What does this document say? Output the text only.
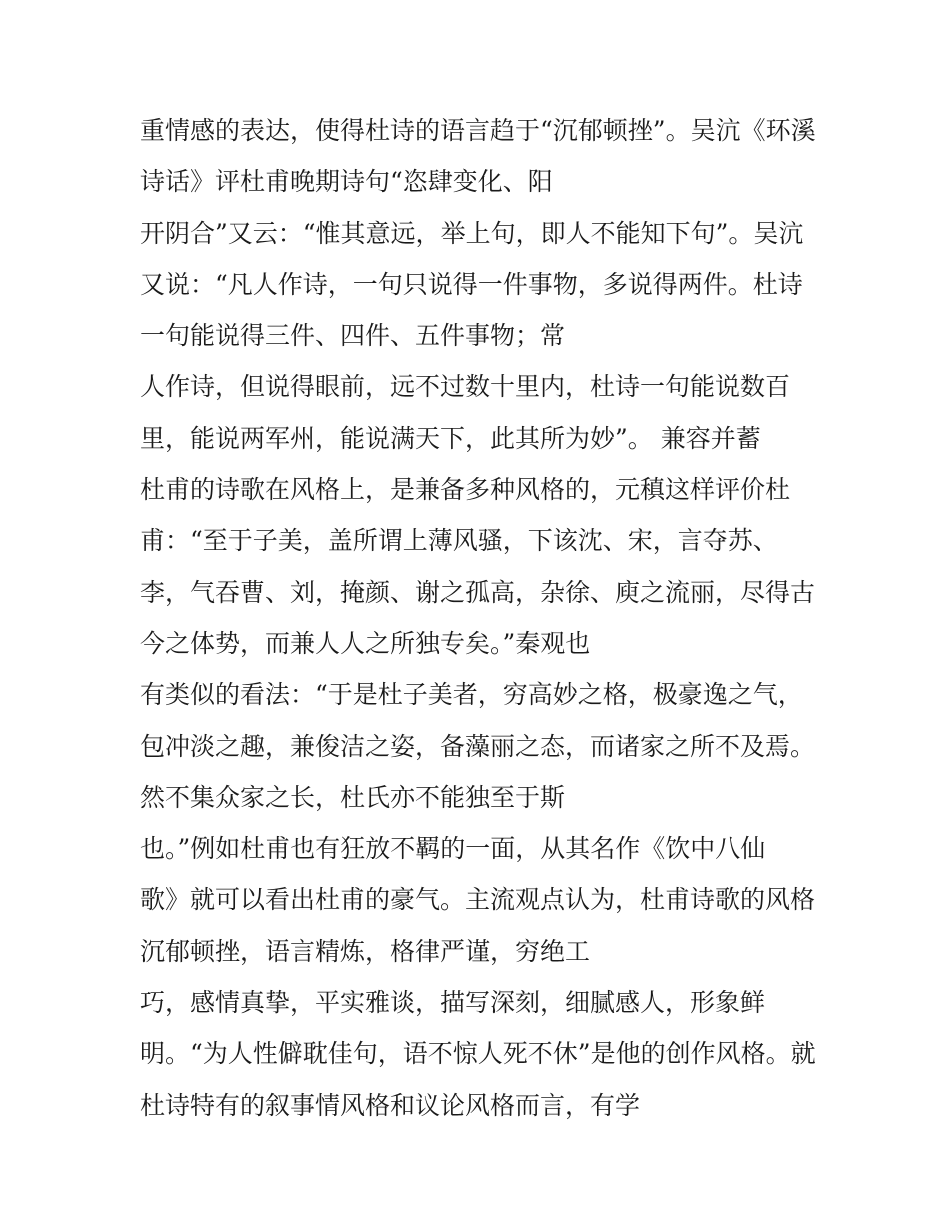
重情感的表达，使得杜诗的语言趋于“沉郁顿挫”。吴沆《环溪
诗话》评杜甫晚期诗句“恣肆变化、阳
开阴合”又云：“惟其意远，举上句，即人不能知下句”。吴沆
又说：“凡人作诗，一句只说得一件事物，多说得两件。杜诗
一句能说得三件、四件、五件事物；常
人作诗，但说得眼前，远不过数十里内，杜诗一句能说数百
里，能说两军州，能说满天下，此其所为妙”。 兼容并蓄
杜甫的诗歌在风格上，是兼备多种风格的，元稹这样评价杜
甫：“至于子美，盖所谓上薄风骚，下该沈、宋，言夺苏、
李，气吞曹、刘，掩颜、谢之孤高，杂徐、庾之流丽，尽得古
今之体势，而兼人人之所独专矣。”秦观也
有类似的看法：“于是杜子美者，穷高妙之格，极豪逸之气，
包冲淡之趣，兼俊洁之姿，备藻丽之态，而诸家之所不及焉。
然不集众家之长，杜氏亦不能独至于斯
也。”例如杜甫也有狂放不羁的一面，从其名作《饮中八仙
歌》就可以看出杜甫的豪气。主流观点认为，杜甫诗歌的风格
沉郁顿挫，语言精炼，格律严谨，穷绝工
巧，感情真挚，平实雅谈，描写深刻，细腻感人，形象鲜
明。“为人性僻耽佳句，语不惊人死不休”是他的创作风格。就
杜诗特有的叙事情风格和议论风格而言，有学
